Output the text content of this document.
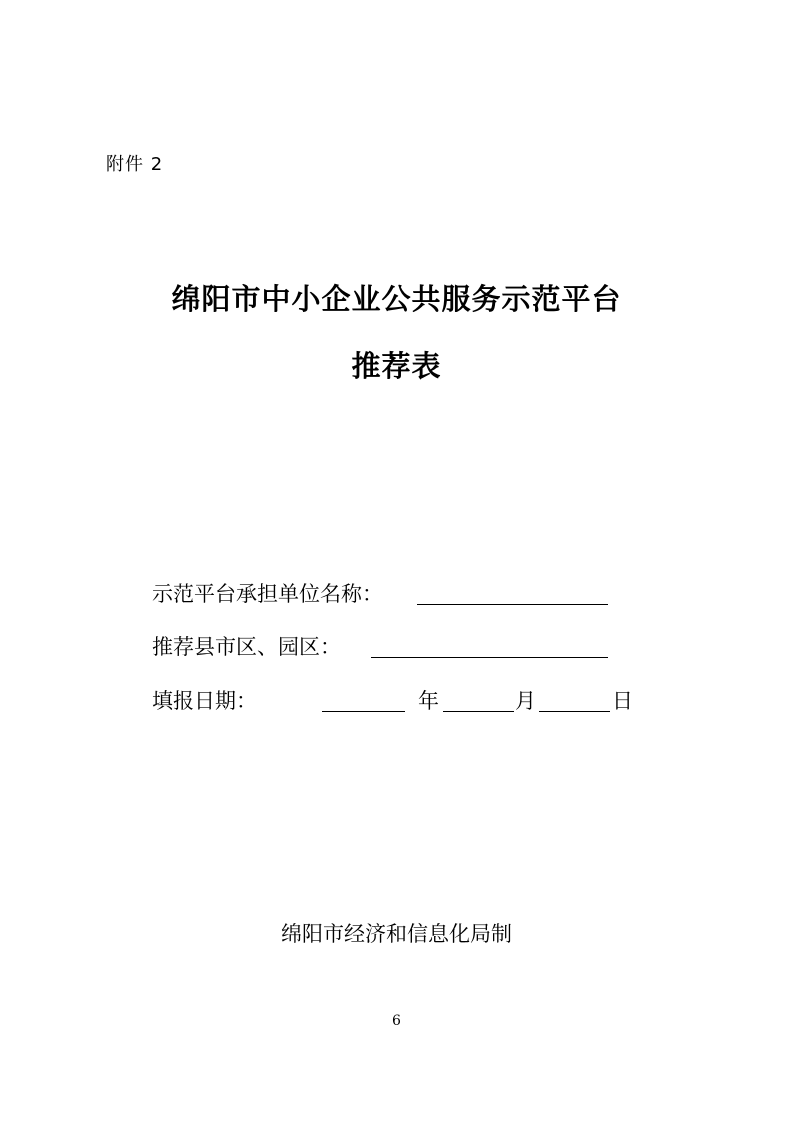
附件 2
绵阳市中小企业公共服务示范平台
推荐表
示范平台承担单位名称：
推荐县市区、园区：
填报日期：	年	月	日
绵阳市经济和信息化局制
6
